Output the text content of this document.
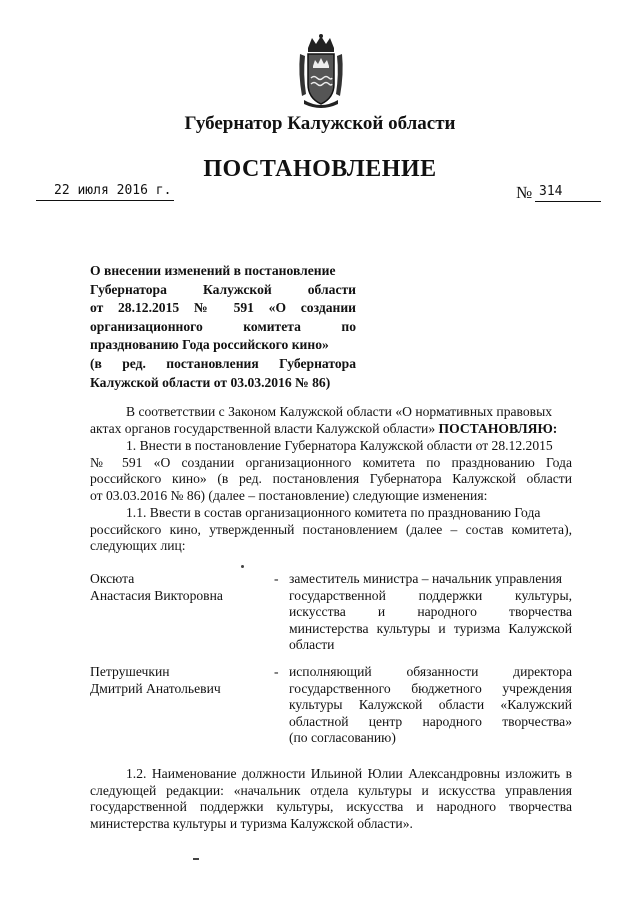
Губернатор Калужской области
ПОСТАНОВЛЕНИЕ
22 июля 2016 г.	№ 314
О внесении изменений в постановление
Губернатора Калужской области
от 28.12.2015 № 591 «О создании
организационного комитета по
празднованию Года российского кино»
(в ред. постановления Губернатора
Калужской области от 03.03.2016 № 86)
В соответствии с Законом Калужской области «О нормативных правовых
актах органов государственной власти Калужской области» ПОСТАНОВЛЯЮ:
1. Внести в постановление Губернатора Калужской области от 28.12.2015
№ 591 «О создании организационного комитета по празднованию Года
российского кино» (в ред. постановления Губернатора Калужской области
от 03.03.2016 № 86) (далее – постановление) следующие изменения:
1.1. Ввести в состав организационного комитета по празднованию Года
российского кино, утвержденный постановлением (далее – состав комитета),
следующих лиц:
Оксюта
Анастасия Викторовна
- заместитель министра – начальник управления
государственной поддержки культуры,
искусства и народного творчества
министерства культуры и туризма Калужской
области
Петрушечкин
Дмитрий Анатольевич
- исполняющий обязанности директора
государственного бюджетного учреждения
культуры Калужской области «Калужский
областной центр народного творчества»
(по согласованию)
1.2. Наименование должности Ильиной Юлии Александровны изложить в
следующей редакции: «начальник отдела культуры и искусства управления
государственной поддержки культуры, искусства и народного творчества
министерства культуры и туризма Калужской области».
